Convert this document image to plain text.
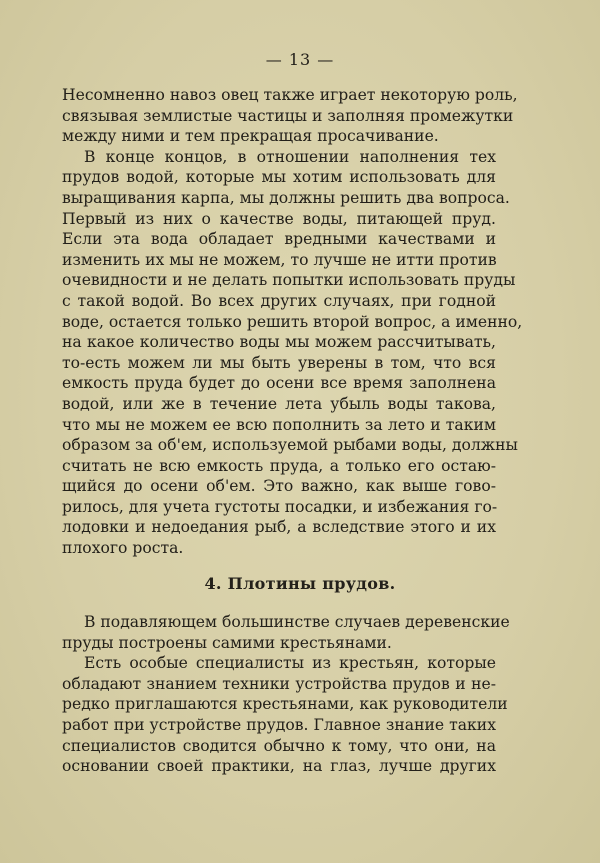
— 13 —
Несомненно навоз овец также играет некоторую роль,
связывая землистые частицы и заполняя промежутки
между ними и тем прекращая просачивание.
В конце концов, в отношении наполнения тех
прудов водой, которые мы хотим использовать для
выращивания карпа, мы должны решить два вопроса.
Первый из них о качестве воды, питающей пруд.
Если эта вода обладает вредными качествами и
изменить их мы не можем, то лучше не итти против
очевидности и не делать попытки использовать пруды
с такой водой. Во всех других случаях, при годной
воде, остается только решить второй вопрос, а именно,
на какое количество воды мы можем рассчитывать,
то-есть можем ли мы быть уверены в том, что вся
емкость пруда будет до осени все время заполнена
водой, или же в течение лета убыль воды такова,
что мы не можем ее всю пополнить за лето и таким
образом за об'ем, используемой рыбами воды, должны
считать не всю емкость пруда, а только его остаю-
щийся до осени об'ем. Это важно, как выше гово-
рилось, для учета густоты посадки, и избежания го-
лодовки и недоедания рыб, а вследствие этого и их
плохого роста.
4. Плотины прудов.
В подавляющем большинстве случаев деревенские
пруды построены самими крестьянами.
Есть особые специалисты из крестьян, которые
обладают знанием техники устройства прудов и не-
редко приглашаются крестьянами, как руководители
работ при устройстве прудов. Главное знание таких
специалистов сводится обычно к тому, что они, на
основании своей практики, на глаз, лучше других
